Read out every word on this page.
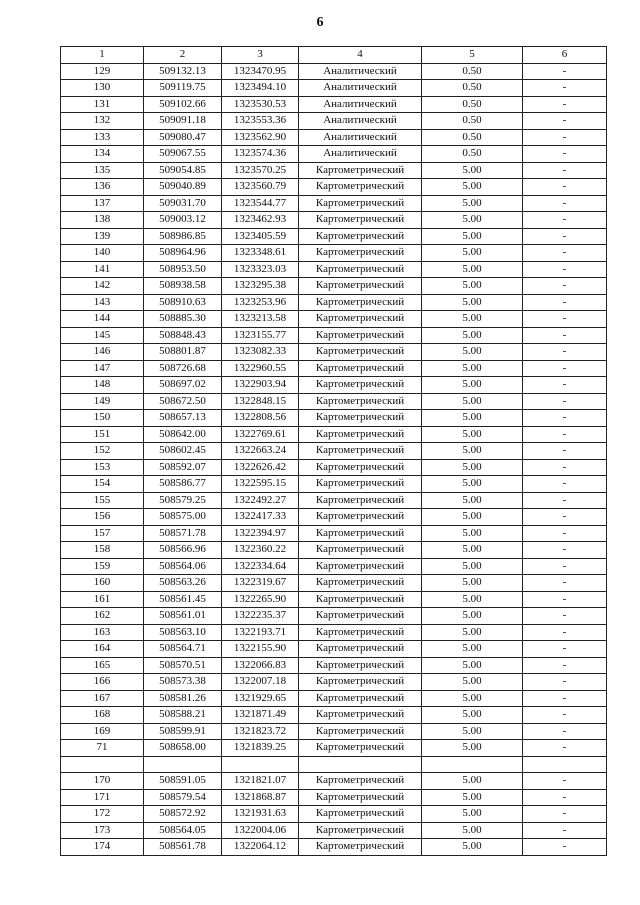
6
1	2	3	4	5	6
129	509132.13	1323470.95	Аналитический	0.50	-
130	509119.75	1323494.10	Аналитический	0.50	-
131	509102.66	1323530.53	Аналитический	0.50	-
132	509091.18	1323553.36	Аналитический	0.50	-
133	509080.47	1323562.90	Аналитический	0.50	-
134	509067.55	1323574.36	Аналитический	0.50	-
135	509054.85	1323570.25	Картометрический	5.00	-
136	509040.89	1323560.79	Картометрический	5.00	-
137	509031.70	1323544.77	Картометрический	5.00	-
138	509003.12	1323462.93	Картометрический	5.00	-
139	508986.85	1323405.59	Картометрический	5.00	-
140	508964.96	1323348.61	Картометрический	5.00	-
141	508953.50	1323323.03	Картометрический	5.00	-
142	508938.58	1323295.38	Картометрический	5.00	-
143	508910.63	1323253.96	Картометрический	5.00	-
144	508885.30	1323213.58	Картометрический	5.00	-
145	508848.43	1323155.77	Картометрический	5.00	-
146	508801.87	1323082.33	Картометрический	5.00	-
147	508726.68	1322960.55	Картометрический	5.00	-
148	508697.02	1322903.94	Картометрический	5.00	-
149	508672.50	1322848.15	Картометрический	5.00	-
150	508657.13	1322808.56	Картометрический	5.00	-
151	508642.00	1322769.61	Картометрический	5.00	-
152	508602.45	1322663.24	Картометрический	5.00	-
153	508592.07	1322626.42	Картометрический	5.00	-
154	508586.77	1322595.15	Картометрический	5.00	-
155	508579.25	1322492.27	Картометрический	5.00	-
156	508575.00	1322417.33	Картометрический	5.00	-
157	508571.78	1322394.97	Картометрический	5.00	-
158	508566.96	1322360.22	Картометрический	5.00	-
159	508564.06	1322334.64	Картометрический	5.00	-
160	508563.26	1322319.67	Картометрический	5.00	-
161	508561.45	1322265.90	Картометрический	5.00	-
162	508561.01	1322235.37	Картометрический	5.00	-
163	508563.10	1322193.71	Картометрический	5.00	-
164	508564.71	1322155.90	Картометрический	5.00	-
165	508570.51	1322066.83	Картометрический	5.00	-
166	508573.38	1322007.18	Картометрический	5.00	-
167	508581.26	1321929.65	Картометрический	5.00	-
168	508588.21	1321871.49	Картометрический	5.00	-
169	508599.91	1321823.72	Картометрический	5.00	-
71	508658.00	1321839.25	Картометрический	5.00	-

170	508591.05	1321821.07	Картометрический	5.00	-
171	508579.54	1321868.87	Картометрический	5.00	-
172	508572.92	1321931.63	Картометрический	5.00	-
173	508564.05	1322004.06	Картометрический	5.00	-
174	508561.78	1322064.12	Картометрический	5.00	-
